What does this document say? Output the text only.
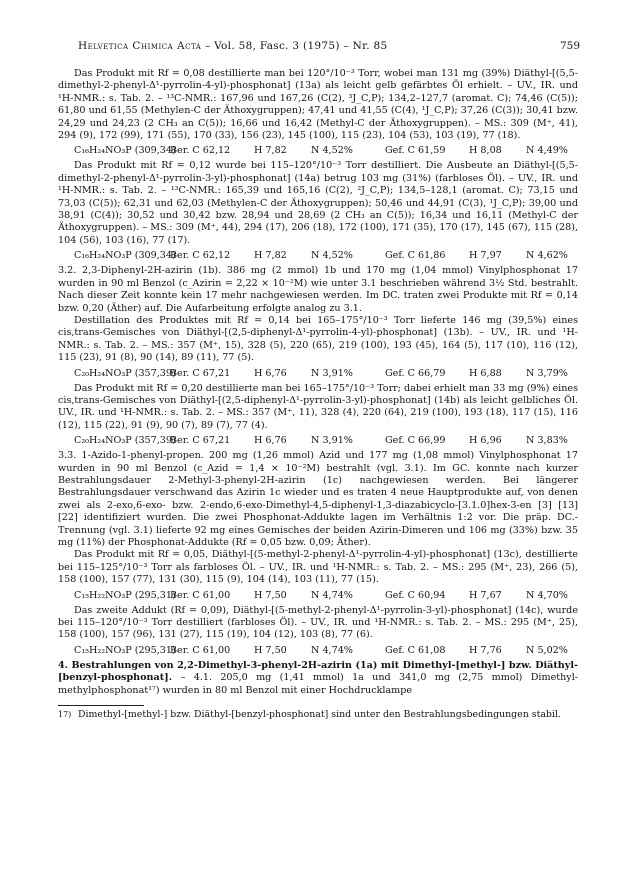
Helvetica Chimica Acta – Vol. 58, Fasc. 3 (1975) – Nr. 85	759

Das Produkt mit Rf = 0,08 destillierte man bei 120°/10⁻³ Torr, wobei man 131 mg (39%) Diäthyl-[(5,5-dimethyl-2-phenyl-Δ¹-pyrrolin-4-yl)-phosphonat] (13a) als leicht gelb gefärbtes Öl erhielt. – UV., IR. und ¹H-NMR.: s. Tab. 2. – ¹³C-NMR.: 167,96 und 167,26 (C(2), ³J_C,P); 134,2–127,7 (aromat. C); 74,46 (C(5)); 61,80 und 61,55 (Methylen-C der Äthoxygruppen); 47,41 und 41,55 (C(4), ¹J_C,P); 37,26 (C(3)); 30,41 bzw. 24,29 und 24,23 (2 CH₃ an C(5)); 16,66 und 16,42 (Methyl-C der Äthoxygruppen). – MS.: 309 (M⁺, 41), 294 (9), 172 (99), 171 (55), 170 (33), 156 (23), 145 (100), 115 (23), 104 (53), 103 (19), 77 (18).

C₁₆H₂₄NO₃P (309,34)Ber. C 62,12 H 7,82	N 4,52%	Gef. C 61,59 H 8,08	N 4,49%

Das Produkt mit Rf = 0,12 wurde bei 115–120°/10⁻³ Torr destilliert. Die Ausbeute an Diäthyl-[(5,5-dimethyl-2-phenyl-Δ¹-pyrrolin-3-yl)-phosphonat] (14a) betrug 103 mg (31%) (farbloses Öl). – UV., IR. und ¹H-NMR.: s. Tab. 2. – ¹³C-NMR.: 165,39 und 165,16 (C(2), ²J_C,P); 134,5–128,1 (aromat. C); 73,15 und 73,03 (C(5)); 62,31 und 62,03 (Methylen-C der Äthoxygruppen); 50,46 und 44,91 (C(3), ¹J_C,P); 39,00 und 38,91 (C(4)); 30,52 und 30,42 bzw. 28,94 und 28,69 (2 CH₃ an C(5)); 16,34 und 16,11 (Methyl-C der Äthoxygruppen). – MS.: 309 (M⁺, 44), 294 (17), 206 (18), 172 (100), 171 (35), 170 (17), 145 (67), 115 (28), 104 (56), 103 (16), 77 (17).

C₁₆H₂₄NO₃P (309,34)Ber. C 62,12 H 7,82	N 4,52%	Gef. C 61,86 H 7,97	N 4,62%

3.2. 2,3-Diphenyl-2H-azirin (1b). 386 mg (2 mmol) 1b und 170 mg (1,04 mmol) Vinylphosphonat 17 wurden in 90 ml Benzol (c_Azirin = 2,22 × 10⁻²M) wie unter 3.1 beschrieben während 3½ Std. bestrahlt. Nach dieser Zeit konnte kein 17 mehr nachgewiesen werden. Im DC. traten zwei Produkte mit Rf = 0,14 bzw. 0,20 (Äther) auf. Die Aufarbeitung erfolgte analog zu 3.1.

Destillation des Produktes mit Rf = 0,14 bei 165–175°/10⁻³ Torr lieferte 146 mg (39,5%) eines cis,trans-Gemisches von Diäthyl-[(2,5-diphenyl-Δ¹-pyrrolin-4-yl)-phosphonat] (13b). – UV., IR. und ¹H-NMR.: s. Tab. 2. – MS.: 357 (M⁺, 15), 328 (5), 220 (65), 219 (100), 193 (45), 164 (5), 117 (10), 116 (12), 115 (23), 91 (8), 90 (14), 89 (11), 77 (5).

C₂₀H₂₄NO₃P (357,39)Ber. C 67,21 H 6,76	N 3,91%	Gef. C 66,79 H 6,88	N 3,79%

Das Produkt mit Rf = 0,20 destillierte man bei 165–175°/10⁻³ Torr; dabei erhielt man 33 mg (9%) eines cis,trans-Gemisches von Diäthyl-[(2,5-diphenyl-Δ¹-pyrrolin-3-yl)-phosphonat] (14b) als leicht gelbliches Öl. UV., IR. und ¹H-NMR.: s. Tab. 2. – MS.: 357 (M⁺, 11), 328 (4), 220 (64), 219 (100), 193 (18), 117 (15), 116 (12), 115 (22), 91 (9), 90 (7), 89 (7), 77 (4).

C₂₀H₂₄NO₃P (357,39)Ber. C 67,21 H 6,76	N 3,91%	Gef. C 66,99 H 6,96	N 3,83%

3.3. 1-Azido-1-phenyl-propen. 200 mg (1,26 mmol) Azid und 177 mg (1,08 mmol) Vinylphosphonat 17 wurden in 90 ml Benzol (c_Azid = 1,4 × 10⁻²M) bestrahlt (vgl. 3.1). Im GC. konnte nach kurzer Bestrahlungsdauer 2-Methyl-3-phenyl-2H-azirin (1c) nachgewiesen werden. Bei längerer Bestrahlungsdauer verschwand das Azirin 1c wieder und es traten 4 neue Hauptprodukte auf, von denen zwei als 2-exo,6-exo- bzw. 2-endo,6-exo-Dimethyl-4,5-diphenyl-1,3-diazabicyclo-[3.1.0]hex-3-en [3] [13] [22] identifiziert wurden. Die zwei Phosphonat-Addukte lagen im Verhältnis 1:2 vor. Die präp. DC.-Trennung (vgl. 3.1) lieferte 92 mg eines Gemisches der beiden Azirin-Dimeren und 106 mg (33%) bzw. 35 mg (11%) der Phosphonat-Addukte (Rf = 0,05 bzw. 0,09; Äther).

Das Produkt mit Rf = 0,05, Diäthyl-[(5-methyl-2-phenyl-Δ¹-pyrrolin-4-yl)-phosphonat] (13c), destillierte bei 115–125°/10⁻³ Torr als farbloses Öl. – UV., IR. und ¹H-NMR.: s. Tab. 2. – MS.: 295 (M⁺, 23), 266 (5), 158 (100), 157 (77), 131 (30), 115 (9), 104 (14), 103 (11), 77 (15).

C₁₅H₂₂NO₃P (295,31)Ber. C 61,00 H 7,50	N 4,74%	Gef. C 60,94 H 7,67	N 4,70%

Das zweite Addukt (Rf = 0,09), Diäthyl-[(5-methyl-2-phenyl-Δ¹-pyrrolin-3-yl)-phosphonat] (14c), wurde bei 115–120°/10⁻³ Torr destilliert (farbloses Öl). – UV., IR. und ¹H-NMR.: s. Tab. 2. – MS.: 295 (M⁺, 25), 158 (100), 157 (96), 131 (27), 115 (19), 104 (12), 103 (8), 77 (6).

C₁₅H₂₂NO₃P (295,31)Ber. C 61,00 H 7,50	N 4,74%	Gef. C 61,08 H 7,76	N 5,02%

4. Bestrahlungen von 2,2-Dimethyl-3-phenyl-2H-azirin (1a) mit Dimethyl-[methyl-] bzw. Diäthyl-[benzyl-phosphonat]. – 4.1. 205,0 mg (1,41 mmol) 1a und 341,0 mg (2,75 mmol) Dimethyl-methylphosphonat¹⁷) wurden in 80 ml Benzol mit einer Hochdrucklampe

17) Dimethyl-[methyl-] bzw. Diäthyl-[benzyl-phosphonat] sind unter den Bestrahlungsbedingungen stabil.
